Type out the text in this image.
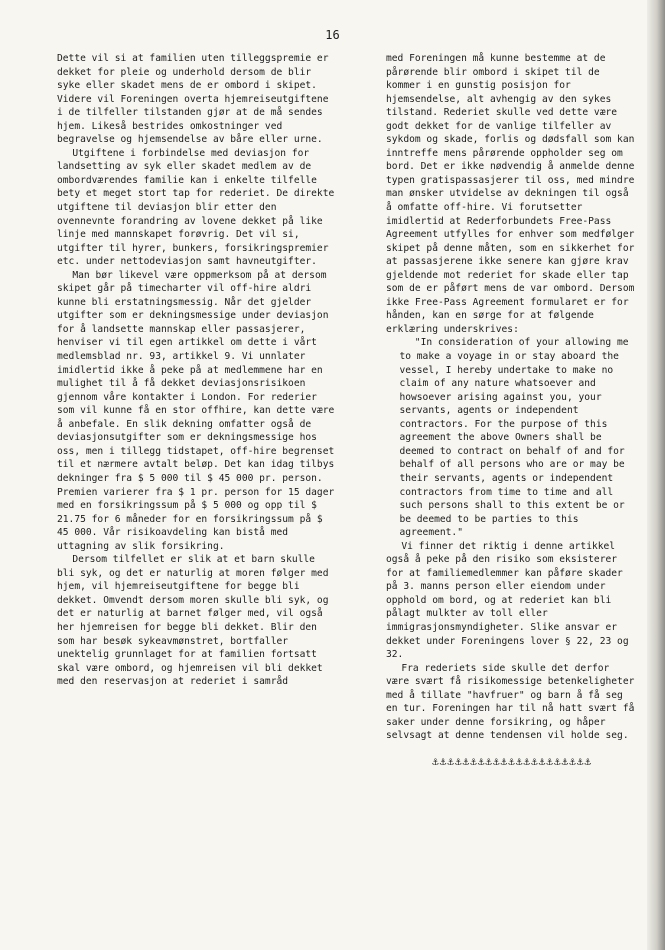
16

Dette vil si at familien uten tilleggspremie er dekket for pleie og underhold dersom de blir syke eller skadet mens de er ombord i skipet. Videre vil Foreningen overta hjemreiseutgiftene i de tilfeller tilstanden gjør at de må sendes hjem. Likeså bestrides omkostninger ved begravelse og hjemsendelse av båre eller urne.

Utgiftene i forbindelse med deviasjon for landsetting av syk eller skadet medlem av de ombordværendes familie kan i enkelte tilfelle bety et meget stort tap for rederiet. De direkte utgiftene til deviasjon blir etter den ovennevnte forandring av lovene dekket på like linje med mannskapet forøvrig. Det vil si, utgifter til hyrer, bunkers, forsikringspremier etc. under nettodeviasjon samt havneutgifter.

Man bør likevel være oppmerksom på at dersom skipet går på timecharter vil off-hire aldri kunne bli erstatningsmessig. Når det gjelder utgifter som er dekningsmessige under deviasjon for å landsette mannskap eller passasjerer, henviser vi til egen artikkel om dette i vårt medlemsblad nr. 93, artikkel 9. Vi unnlater imidlertid ikke å peke på at medlemmene har en mulighet til å få dekket deviasjonsrisikoen gjennom våre kontakter i London. For rederier som vil kunne få en stor offhire, kan dette være å anbefale. En slik dekning omfatter også de deviasjonsutgifter som er dekningsmessige hos oss, men i tillegg tidstapet, off-hire begrenset til et nærmere avtalt beløp. Det kan idag tilbys dekninger fra $ 5 000 til $ 45 000 pr. person. Premien varierer fra $ 1 pr. person for 15 dager med en forsikringssum på $ 5 000 og opp til $ 21.75 for 6 måneder for en forsikringssum på $ 45 000. Vår risikoavdeling kan bistå med uttagning av slik forsikring.

Dersom tilfellet er slik at et barn skulle bli syk, og det er naturlig at moren følger med hjem, vil hjemreiseutgiftene for begge bli dekket. Omvendt dersom moren skulle bli syk, og det er naturlig at barnet følger med, vil også her hjemreisen for begge bli dekket. Blir den som har besøk sykeavmønstret, bortfaller unektelig grunnlaget for at familien fortsatt skal være ombord, og hjemreisen vil bli dekket med den reservasjon at rederiet i samråd

med Foreningen må kunne bestemme at de pårørende blir ombord i skipet til de kommer i en gunstig posisjon for hjemsendelse, alt avhengig av den sykes tilstand. Rederiet skulle ved dette være godt dekket for de vanlige tilfeller av sykdom og skade, forlis og dødsfall som kan inntreffe mens pårørende oppholder seg om bord. Det er ikke nødvendig å anmelde denne typen gratispassasjerer til oss, med mindre man ønsker utvidelse av dekningen til også å omfatte off-hire. Vi forutsetter imidlertid at Rederforbundets Free-Pass Agreement utfylles for enhver som medfølger skipet på denne måten, som en sikkerhet for at passasjerene ikke senere kan gjøre krav gjeldende mot rederiet for skade eller tap som de er påført mens de var ombord. Dersom ikke Free-Pass Agreement formularet er for hånden, kan en sørge for at følgende erklæring underskrives:

"In consideration of your allowing me to make a voyage in or stay aboard the vessel, I hereby undertake to make no claim of any nature whatsoever and howsoever arising against you, your servants, agents or independent contractors. For the purpose of this agreement the above Owners shall be deemed to contract on behalf of and for behalf of all persons who are or may be their servants, agents or independent contractors from time to time and all such persons shall to this extent be or be deemed to be parties to this agreement."

Vi finner det riktig i denne artikkel også å peke på den risiko som eksisterer for at familiemedlemmer kan påføre skader på 3. manns person eller eiendom under opphold om bord, og at rederiet kan bli pålagt mulkter av toll eller immigrasjonsmyndigheter. Slike ansvar er dekket under Foreningens lover § 22, 23 og 32.

Fra rederiets side skulle det derfor være svært få risikomessige betenkeligheter med å tillate "havfruer" og barn å få seg en tur. Foreningen har til nå hatt svært få saker under denne forsikring, og håper selvsagt at denne tendensen vil holde seg.

⚓⚓⚓⚓⚓⚓⚓⚓⚓⚓⚓⚓⚓⚓⚓⚓⚓⚓⚓⚓⚓
